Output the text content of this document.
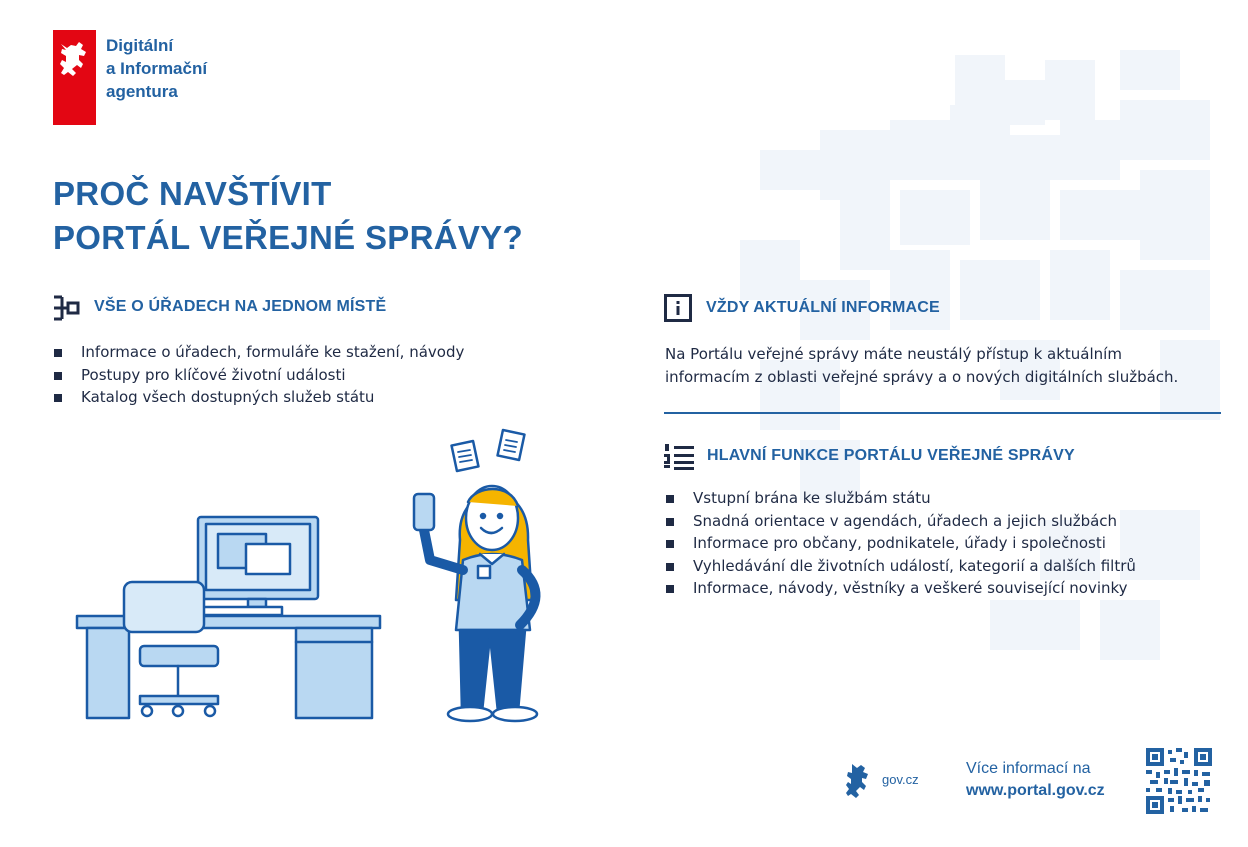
Digitální
a Informační
agentura
PROČ NAVŠTÍVIT
PORTÁL VEŘEJNÉ SPRÁVY?
VŠE O ÚŘADECH NA JEDNOM MÍSTĚ
Informace o úřadech, formuláře ke stažení, návody
Postupy pro klíčové životní události
Katalog všech dostupných služeb státu
VŽDY AKTUÁLNÍ INFORMACE
Na Portálu veřejné správy máte neustálý přístup k aktuálním
informacím z oblasti veřejné správy a o nových digitálních službách.
HLAVNÍ FUNKCE PORTÁLU VEŘEJNÉ SPRÁVY
Vstupní brána ke službám státu
Snadná orientace v agendách, úřadech a jejich službách
Informace pro občany, podnikatele, úřady i společnosti
Vyhledávání dle životních událostí, kategorií a dalších filtrů
Informace, návody, věstníky a veškeré související novinky
gov.cz
Více informací na
www.portal.gov.cz
